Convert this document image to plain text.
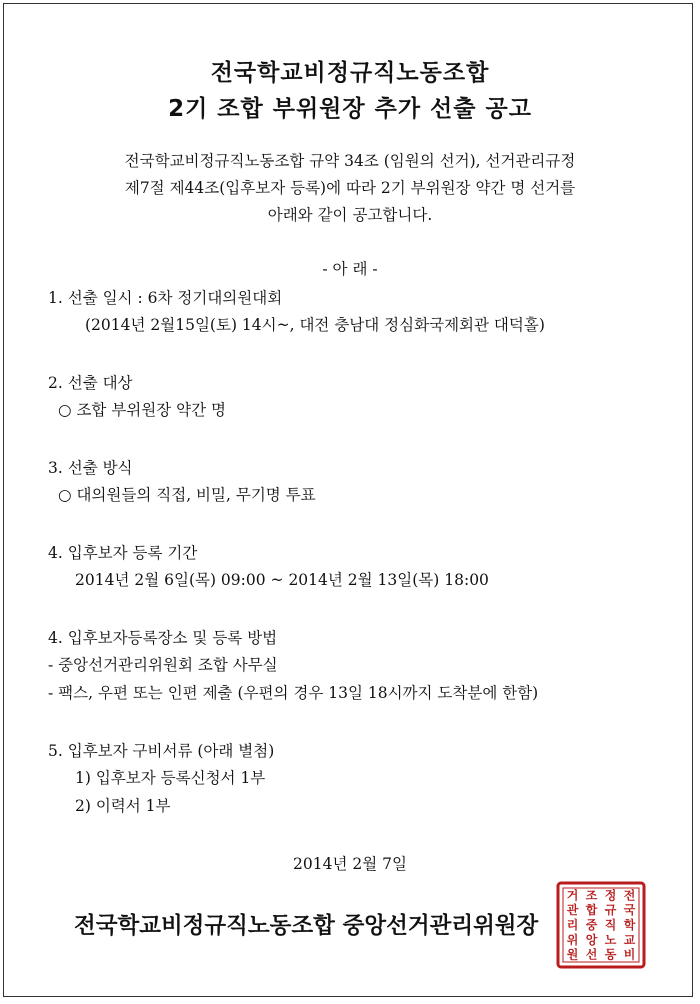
전국학교비정규직노동조합
2기 조합 부위원장 추가 선출 공고

전국학교비정규직노동조합 규약 34조 (임원의 선거), 선거관리규정

제7절 제44조(입후보자 등록)에 따라 2기 부위원장 약간 명 선거를

아래와 같이 공고합니다.

- 아 래 -

1. 선출 일시 : 6차 정기대의원대회

(2014년 2월15일(토) 14시~, 대전 충남대 정심화국제회관 대덕홀)

2. 선출 대상

○ 조합 부위원장 약간 명

3. 선출 방식

○ 대의원들의 직접, 비밀, 무기명 투표

4. 입후보자 등록 기간

2014년 2월 6일(목) 09:00 ~ 2014년 2월 13일(목) 18:00

4. 입후보자등록장소 및 등록 방법

- 중앙선거관리위원회 조합 사무실

- 팩스, 우편 또는 인편 제출 (우편의 경우 13일 18시까지 도착분에 한함)

5. 입후보자 구비서류 (아래 별첨)

1) 입후보자 등록신청서 1부

2) 이력서 1부

2014년 2월 7일

전국학교비정규직노동조합 중앙선거관리위원장
전
국
학
교
비
정
규
직
노
동
조
합
중
앙
선
거
관
리
위
원
